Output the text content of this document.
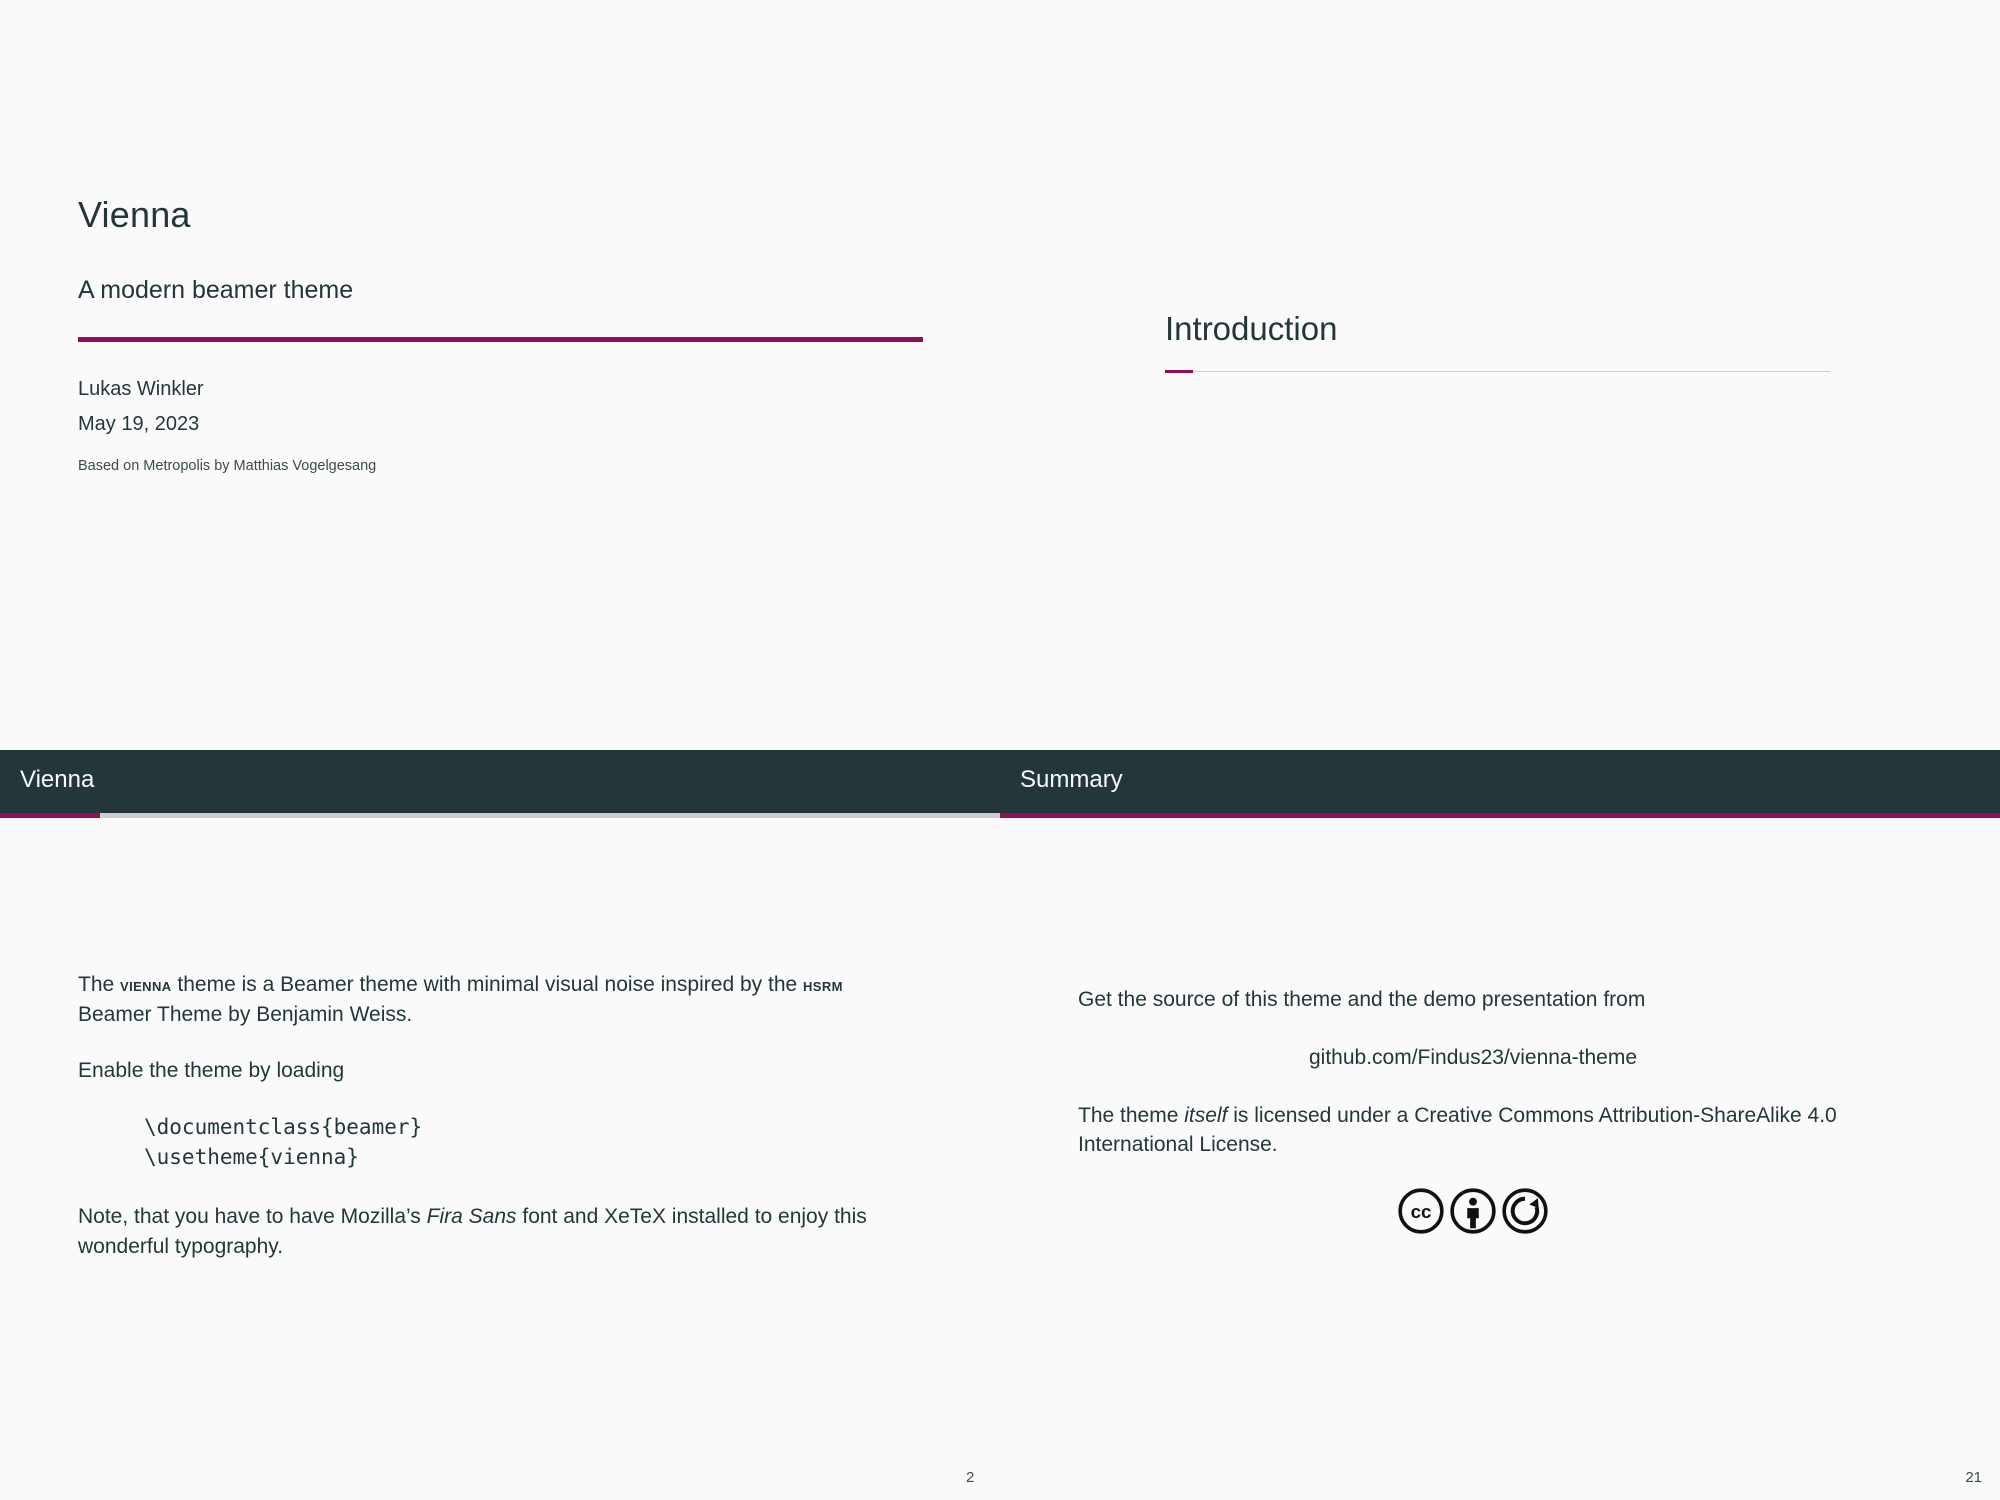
Vienna
A modern beamer theme
Lukas Winkler
May 19, 2023
Based on Metropolis by Matthias Vogelgesang
Introduction
Vienna

The vienna theme is a Beamer theme with minimal visual noise inspired by the hsrm Beamer Theme by Benjamin Weiss.

Enable the theme by loading

\documentclass{beamer}
\usetheme{vienna}

Note, that you have to have Mozilla’s Fira Sans font and XeTeX installed to enjoy this wonderful typography.

2
Summary

Get the source of this theme and the demo presentation from

github.com/Findus23/vienna-theme

The theme itself is licensed under a Creative Commons Attribution-ShareAlike 4.0 International License.

cc
21
